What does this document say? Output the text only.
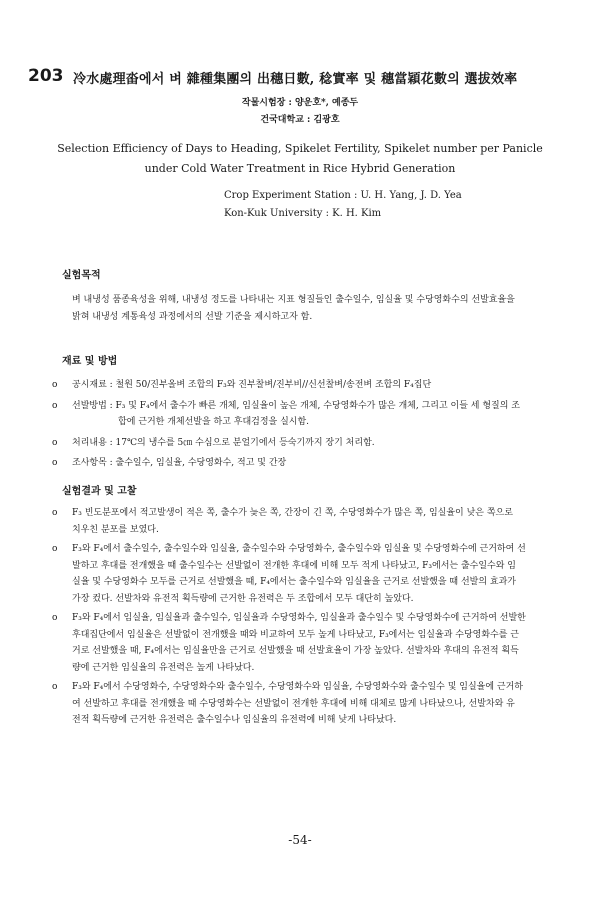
203 冷水處理畓에서 벼 雜種集團의 出穗日數, 稔實率 및 穗當穎花數의 選拔效率
작물시험장 : 양운호*, 예종두
건국대학교 : 김광호
Selection Efficiency of Days to Heading, Spikelet Fertility, Spikelet number per Panicle
under Cold Water Treatment in Rice Hybrid Generation
Crop Experiment Station : U. H. Yang, J. D. Yea
Kon-Kuk University : K. H. Kim
실험목적
벼 내냉성 품종육성을 위해, 내냉성 정도를 나타내는 지표 형질들인 출수일수, 임실율 및 수당영화수의 선발효율을
밝혀 내냉성 계통육성 과정에서의 선발 기준을 제시하고자 함.
재료 및 방법
o 공시재료 : 철원 50/진부올벼 조합의 F₃와 진부찰벼/진부비//신선찰벼/송전벼 조합의 F₄집단
o 선발방법 : F₃ 및 F₄에서 출수가 빠른 개체, 임실율이 높은 개체, 수당영화수가 많은 개체, 그리고 이들 세 형질의 조
합에 근거한 개체선발을 하고 후대검정을 실시함.
o 처리내용 : 17℃의 냉수를 5㎝ 수심으로 분얼기에서 등숙기까지 장기 처리함.
o 조사항목 : 출수일수, 임실율, 수당영화수, 적고 및 간장
실험결과 및 고찰
o F₃ 빈도분포에서 적고발생이 적은 쪽, 출수가 늦은 쪽, 간장이 긴 쪽, 수당영화수가 많은 쪽, 임실율이 낮은 쪽으로
치우친 분포를 보였다.
o F₃와 F₄에서 출수일수, 출수일수와 임실율, 출수일수와 수당영화수, 출수일수와 임실율 및 수당영화수에 근거하여 선
발하고 후대를 전개했을 때 출수일수는 선발없이 전개한 후대에 비해 모두 적게 나타났고, F₃에서는 출수일수와 임
실율 및 수당영화수 모두를 근거로 선발했을 때, F₄에서는 출수일수와 임실율을 근거로 선발했을 때 선발의 효과가
가장 컸다. 선발차와 유전적 획득량에 근거한 유전력은 두 조합에서 모두 대단히 높았다.
o F₃와 F₄에서 임실율, 임실율과 출수일수, 임실율과 수당영화수, 임실율과 출수일수 및 수당영화수에 근거하여 선발한
후대집단에서 임실율은 선발없이 전개했을 때와 비교하여 모두 높게 나타났고, F₃에서는 임실율과 수당영화수를 근
거로 선발했을 때, F₄에서는 임실율만을 근거로 선발했을 때 선발효율이 가장 높았다. 선발차와 후대의 유전적 획득
량에 근거한 임실율의 유전력은 높게 나타났다.
o F₃와 F₄에서 수당영화수, 수당영화수와 출수일수, 수당영화수와 임실율, 수당영화수와 출수일수 및 임실율에 근거하
여 선발하고 후대를 전개했을 때 수당영화수는 선발없이 전개한 후대에 비해 대체로 많게 나타났으나, 선발차와 유
전적 획득량에 근거한 유전력은 출수일수나 임실율의 유전력에 비해 낮게 나타났다.
-54-
